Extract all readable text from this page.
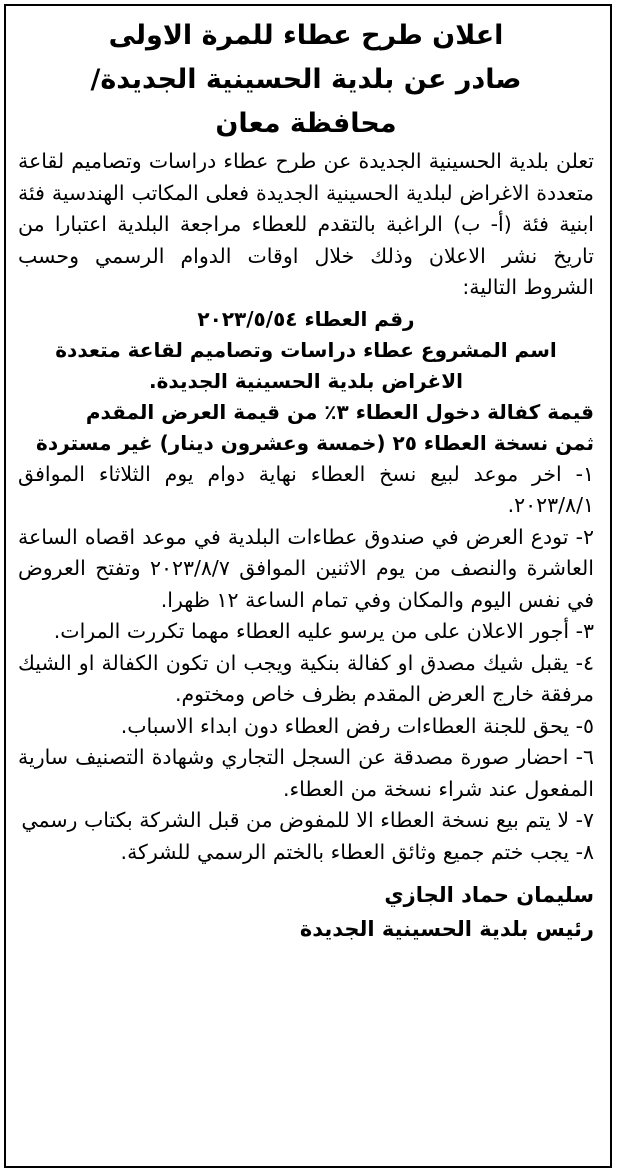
اعلان طرح عطاء للمرة الاولى

صادر عن بلدية الحسينية الجديدة/

محافظة معان

تعلن بلدية الحسينية الجديدة عن طرح عطاء دراسات وتصاميم لقاعة متعددة الاغراض لبلدية الحسينية الجديدة فعلى المكاتب الهندسية فئة ابنية فئة (أ- ب) الراغبة بالتقدم للعطاء مراجعة البلدية اعتبارا من تاريخ نشر الاعلان وذلك خلال اوقات الدوام الرسمي وحسب الشروط التالية:

رقم العطاء ٢٠٢٣/٥/٥٤

اسم المشروع عطاء دراسات وتصاميم لقاعة متعددة الاغراض بلدية الحسينية الجديدة.

قيمة كفالة دخول العطاء ٣٪ من قيمة العرض المقدم

ثمن نسخة العطاء ٢٥ (خمسة وعشرون دينار) غير مستردة

١- اخر موعد لبيع نسخ العطاء نهاية دوام يوم الثلاثاء الموافق ٢٠٢٣/٨/١.

٢- تودع العرض في صندوق عطاءات البلدية في موعد اقصاه الساعة العاشرة والنصف من يوم الاثنين الموافق ٢٠٢٣/٨/٧ وتفتح العروض في نفس اليوم والمكان وفي تمام الساعة ١٢ ظهرا.

٣- أجور الاعلان على من يرسو عليه العطاء مهما تكررت المرات.

٤- يقبل شيك مصدق او كفالة بنكية ويجب ان تكون الكفالة او الشيك مرفقة خارج العرض المقدم بظرف خاص ومختوم.

٥- يحق للجنة العطاءات رفض العطاء دون ابداء الاسباب.

٦- احضار صورة مصدقة عن السجل التجاري وشهادة التصنيف سارية المفعول عند شراء نسخة من العطاء.

٧- لا يتم بيع نسخة العطاء الا للمفوض من قبل الشركة بكتاب رسمي

٨- يجب ختم جميع وثائق العطاء بالختم الرسمي للشركة.

سليمان حماد الجازي

رئيس بلدية الحسينية الجديدة
